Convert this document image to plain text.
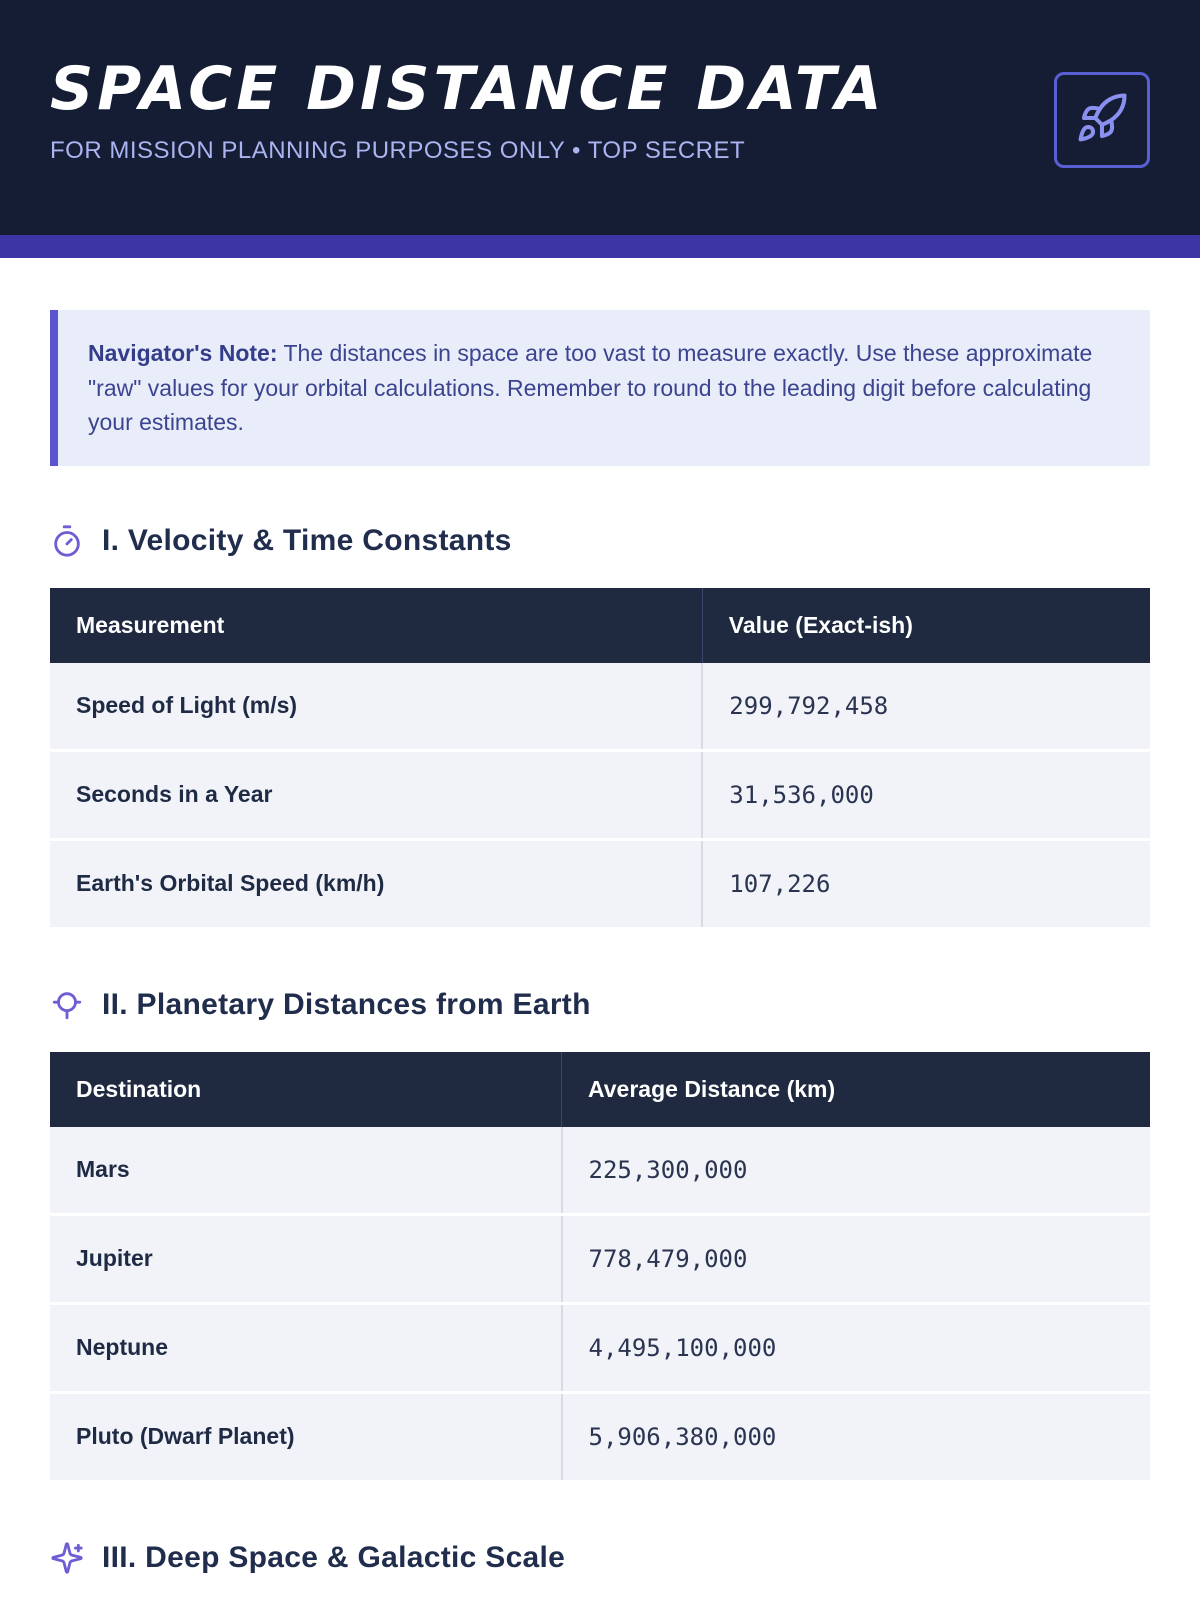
SPACE DISTANCE DATA
FOR MISSION PLANNING PURPOSES ONLY • TOP SECRET
Navigator's Note: The distances in space are too vast to measure exactly. Use these approximate "raw" values for your orbital calculations. Remember to round to the leading digit before calculating your estimates.
I. Velocity & Time Constants
Measurement	Value (Exact-ish)
Speed of Light (m/s)	299,792,458
Seconds in a Year	31,536,000
Earth's Orbital Speed (km/h)	107,226
II. Planetary Distances from Earth
Destination	Average Distance (km)
Mars	225,300,000
Jupiter	778,479,000
Neptune	4,495,100,000
Pluto (Dwarf Planet)	5,906,380,000
III. Deep Space & Galactic Scale
